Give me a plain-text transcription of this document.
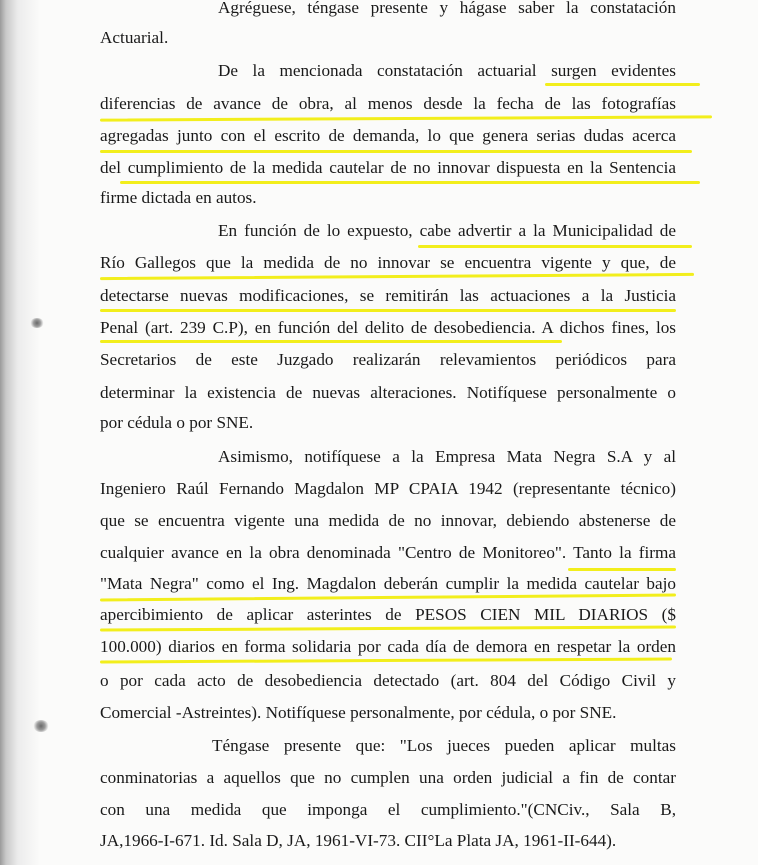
Agréguese, téngase presente y hágase saber la constatación
Actuarial.
De la mencionada constatación actuarial surgen evidentes
diferencias de avance de obra, al menos desde la fecha de las fotografías
agregadas junto con el escrito de demanda, lo que genera serias dudas acerca
del cumplimiento de la medida cautelar de no innovar dispuesta en la Sentencia
firme dictada en autos.
En función de lo expuesto, cabe advertir a la Municipalidad de
Río Gallegos que la medida de no innovar se encuentra vigente y que, de
detectarse nuevas modificaciones, se remitirán las actuaciones a la Justicia
Penal (art. 239 C.P), en función del delito de desobediencia. A dichos fines, los
Secretarios de este Juzgado realizarán relevamientos periódicos para
determinar la existencia de nuevas alteraciones. Notifíquese personalmente o
por cédula o por SNE.
Asimismo, notifíquese a la Empresa Mata Negra S.A y al
Ingeniero Raúl Fernando Magdalon MP CPAIA 1942 (representante técnico)
que se encuentra vigente una medida de no innovar, debiendo abstenerse de
cualquier avance en la obra denominada "Centro de Monitoreo". Tanto la firma
"Mata Negra" como el Ing. Magdalon deberán cumplir la medida cautelar bajo
apercibimiento de aplicar asterintes de PESOS CIEN MIL DIARIOS ($
100.000) diarios en forma solidaria por cada día de demora en respetar la orden
o por cada acto de desobediencia detectado (art. 804 del Código Civil y
Comercial -Astreintes). Notifíquese personalmente, por cédula, o por SNE.
Téngase presente que: "Los jueces pueden aplicar multas
conminatorias a aquellos que no cumplen una orden judicial a fin de contar
con una medida que imponga el cumplimiento."(CNCiv., Sala B,
JA,1966-I-671. Id. Sala D, JA, 1961-VI-73. CII°La Plata JA, 1961-II-644).
